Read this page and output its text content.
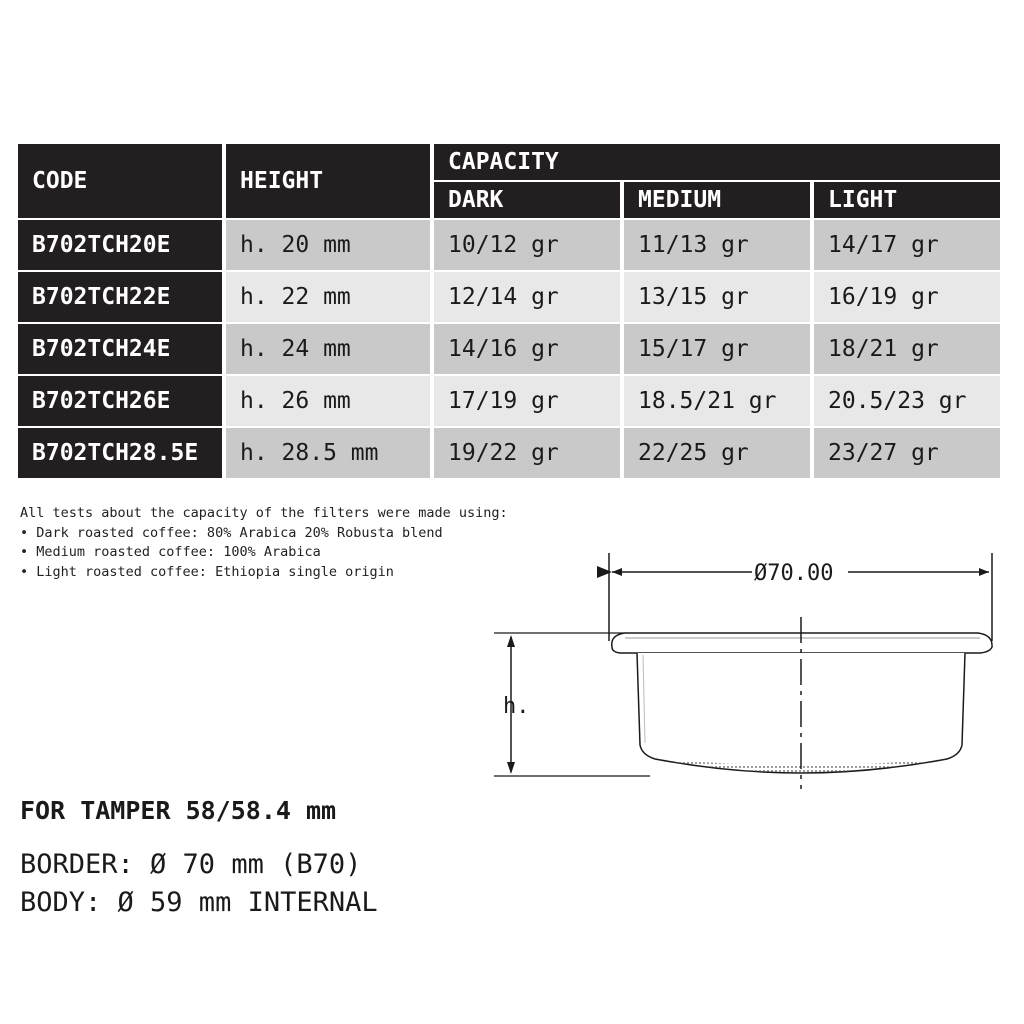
CODE	HEIGHT	CAPACITY		
		DARK	MEDIUM	LIGHT
B702TCH20E	h. 20 mm	10/12 gr	11/13 gr	14/17 gr
B702TCH22E	h. 22 mm	12/14 gr	13/15 gr	16/19 gr
B702TCH24E	h. 24 mm	14/16 gr	15/17 gr	18/21 gr
B702TCH26E	h. 26 mm	17/19 gr	18.5/21 gr	20.5/23 gr
B702TCH28.5E	h. 28.5 mm	19/22 gr	22/25 gr	23/27 gr
All tests about the capacity of the filters were made using:
• Dark roasted coffee: 80% Arabica 20% Robusta blend
• Medium roasted coffee: 100% Arabica
• Light roasted coffee: Ethiopia single origin	Ø70.00
h.
FOR TAMPER 58/58.4 mm
BORDER: Ø 70 mm (B70)
BODY: Ø 59 mm INTERNAL
